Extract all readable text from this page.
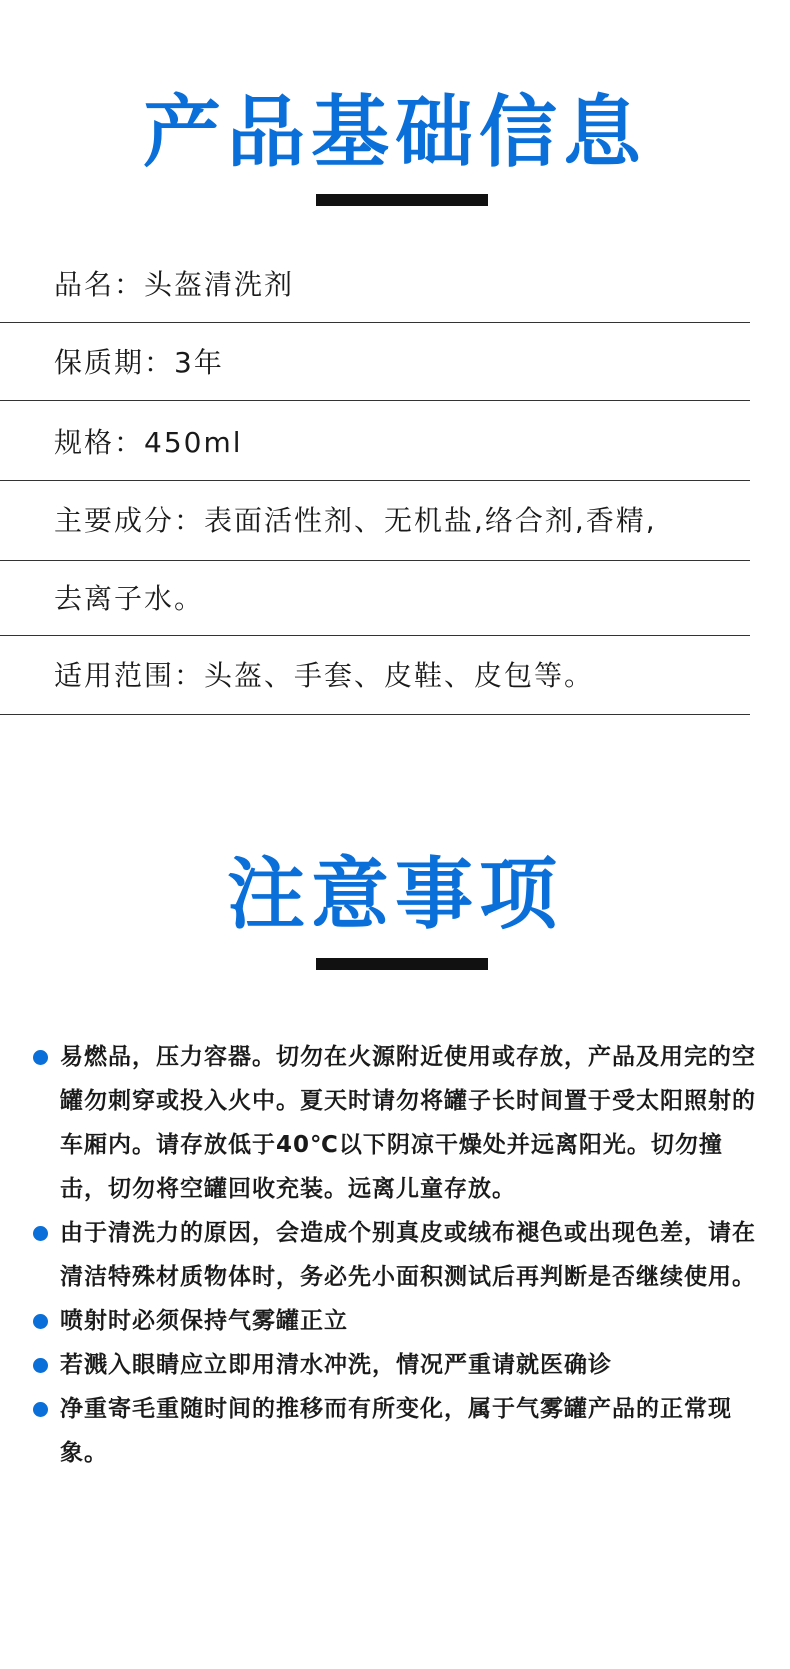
产品基础信息
品名：头盔清洗剂
保质期：3年
规格：450ml
主要成分：表面活性剂、无机盐,络合剂,香精,
去离子水。
适用范围：头盔、手套、皮鞋、皮包等。
注意事项
易燃品，压力容器。切勿在火源附近使用或存放，产品及用完的空罐勿刺穿或投入火中。夏天时请勿将罐子长时间置于受太阳照射的车厢内。请存放低于40℃以下阴凉干燥处并远离阳光。切勿撞击，切勿将空罐回收充装。远离儿童存放。
由于清洗力的原因，会造成个别真皮或绒布褪色或出现色差，请在清洁特殊材质物体时，务必先小面积测试后再判断是否继续使用。
喷射时必须保持气雾罐正立
若溅入眼睛应立即用清水冲洗，情况严重请就医确诊
净重寄毛重随时间的推移而有所变化，属于气雾罐产品的正常现象。
